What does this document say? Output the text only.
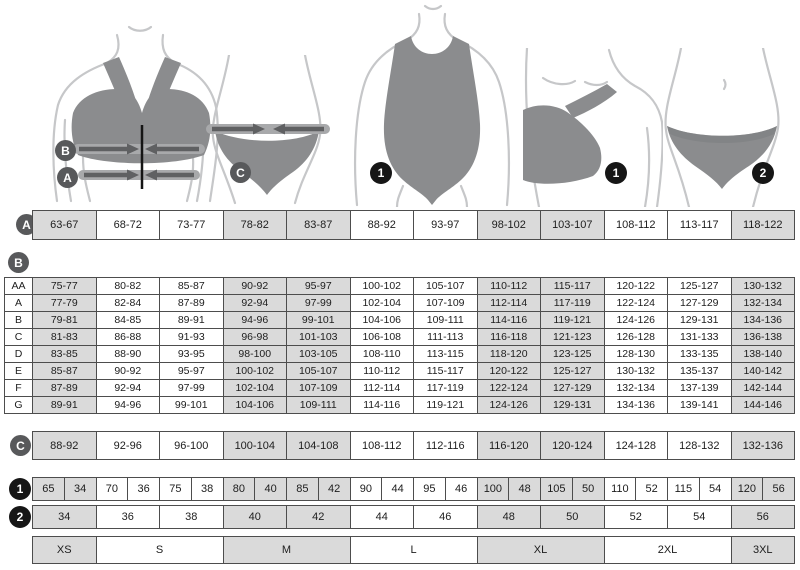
B
A	C	1	1	2
A	63-67	68-72	73-77	78-82	83-87	88-92	93-97	98-102	103-107	108-112	113-117	118-122
B
AA	75-77	80-82	85-87	90-92	95-97	100-102	105-107	110-112	115-117	120-122	125-127	130-132
A	77-79	82-84	87-89	92-94	97-99	102-104	107-109	112-114	117-119	122-124	127-129	132-134
B	79-81	84-85	89-91	94-96	99-101	104-106	109-111	114-116	119-121	124-126	129-131	134-136
C	81-83	86-88	91-93	96-98	101-103	106-108	111-113	116-118	121-123	126-128	131-133	136-138
D	83-85	88-90	93-95	98-100	103-105	108-110	113-115	118-120	123-125	128-130	133-135	138-140
E	85-87	90-92	95-97	100-102	105-107	110-112	115-117	120-122	125-127	130-132	135-137	140-142
F	87-89	92-94	97-99	102-104	107-109	112-114	117-119	122-124	127-129	132-134	137-139	142-144
G	89-91	94-96	99-101	104-106	109-111	114-116	119-121	124-126	129-131	134-136	139-141	144-146
C	88-92	92-96	96-100	100-104	104-108	108-112	112-116	116-120	120-124	124-128	128-132	132-136
1	65	34	70	36	75	38	80	40	85	42	90	44	95	46	100	48	105	50	110	52	115	54	120	56
2	34	36	38	40	42	44	46	48	50	52	54	56
XS	S	M	L	XL	2XL	3XL
